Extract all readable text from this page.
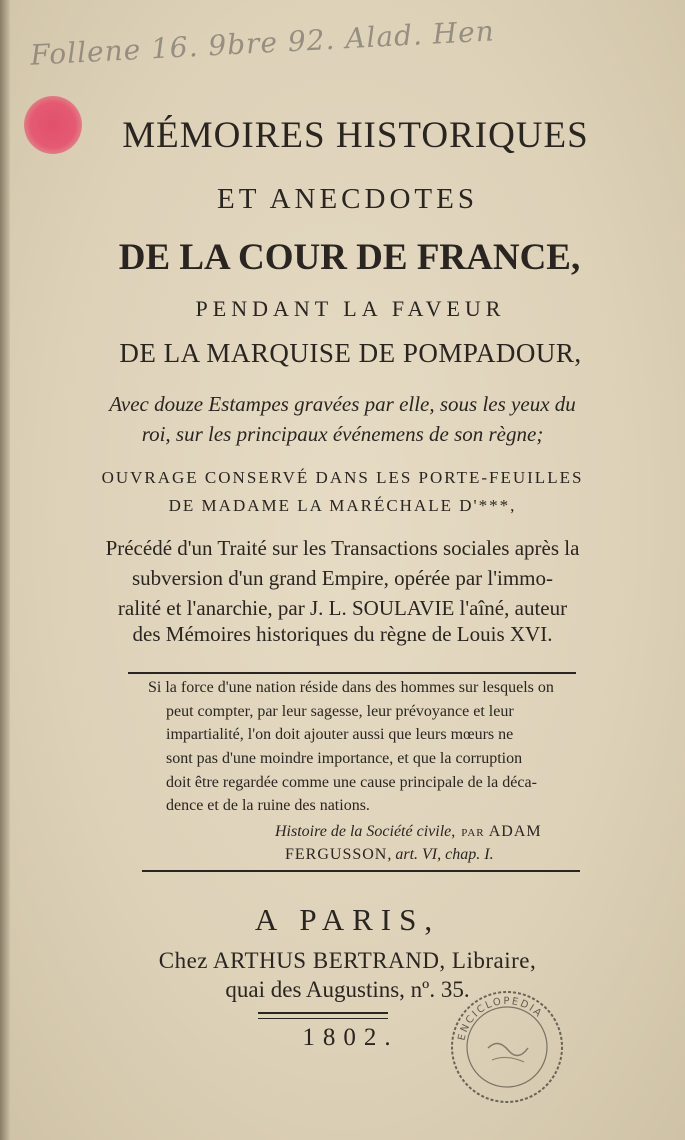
Follene 16. 9bre 92. Alad. Hen
MÉMOIRES HISTORIQUES
ET ANECDOTES
DE LA COUR DE FRANCE,
PENDANT LA FAVEUR
DE LA MARQUISE DE POMPADOUR,
Avec douze Estampes gravées par elle, sous les yeux du
roi, sur les principaux événemens de son règne;
OUVRAGE CONSERVÉ DANS LES PORTE-FEUILLES
DE MADAME LA MARÉCHALE D'***,
Précédé d'un Traité sur les Transactions sociales après la
subversion d'un grand Empire, opérée par l'immo-
ralité et l'anarchie, par J. L. SOULAVIE l'aîné, auteur
des Mémoires historiques du règne de Louis XVI.
Si la force d'une nation réside dans des hommes sur lesquels on
peut compter, par leur sagesse, leur prévoyance et leur
impartialité, l'on doit ajouter aussi que leurs mœurs ne
sont pas d'une moindre importance, et que la corruption
doit être regardée comme une cause principale de la déca-
dence et de la ruine des nations.
Histoire de la Société civile, par ADAM
FERGUSSON, art. VI, chap. I.
A PARIS,
Chez ARTHUS BERTRAND, Libraire,
quai des Augustins, nº. 35.
1802.	ENCICLOPEDIA
